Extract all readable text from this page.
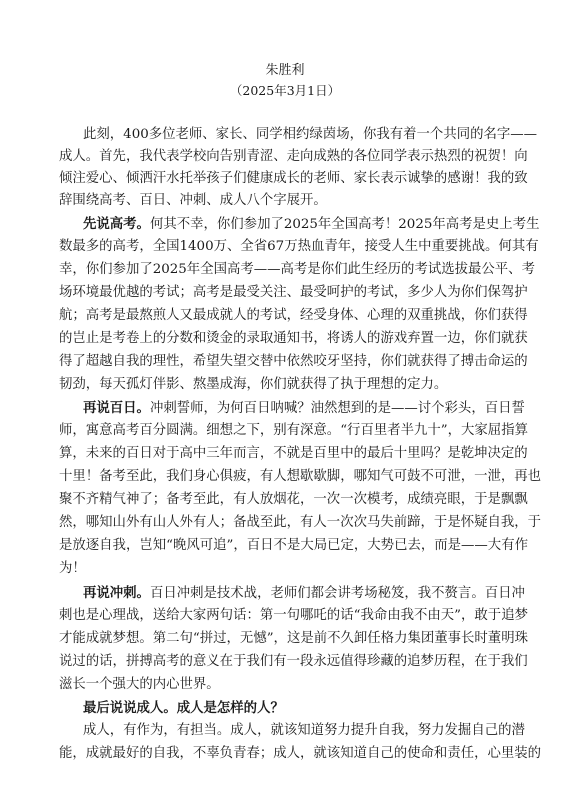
朱胜利
（2025年3月1日）
此刻，400多位老师、家长、同学相约绿茵场，你我有着一个共同的名字——
成人。首先，我代表学校向告别青涩、走向成熟的各位同学表示热烈的祝贺！向
倾注爱心、倾洒汗水托举孩子们健康成长的老师、家长表示诚挚的感谢！我的致
辞围绕高考、百日、冲刺、成人八个字展开。
先说高考。何其不幸，你们参加了2025年全国高考！2025年高考是史上考生
数最多的高考，全国1400万、全省67万热血青年，接受人生中重要挑战。何其有
幸，你们参加了2025年全国高考——高考是你们此生经历的考试选拔最公平、考
场环境最优越的考试；高考是最受关注、最受呵护的考试，多少人为你们保驾护
航；高考是最熬煎人又最成就人的考试，经受身体、心理的双重挑战，你们获得
的岂止是考卷上的分数和烫金的录取通知书，将诱人的游戏弃置一边，你们就获
得了超越自我的理性，希望失望交替中依然咬牙坚持，你们就获得了搏击命运的
韧劲，每天孤灯伴影、熬墨成海，你们就获得了执于理想的定力。
再说百日。冲刺誓师，为何百日呐喊？油然想到的是——讨个彩头，百日誓
师，寓意高考百分圆满。细想之下，别有深意。“行百里者半九十”，大家屈指算
算，未来的百日对于高中三年而言，不就是百里中的最后十里吗？是乾坤决定的
十里！备考至此，我们身心俱疲，有人想歇歇脚，哪知气可鼓不可泄，一泄，再也
聚不齐精气神了；备考至此，有人放烟花，一次一次模考，成绩亮眼，于是飘飘
然，哪知山外有山人外有人；备战至此，有人一次次马失前蹄，于是怀疑自我，于
是放逐自我，岂知“晚风可追”，百日不是大局已定，大势已去，而是——大有作
为！
再说冲刺。百日冲刺是技术战，老师们都会讲考场秘笈，我不赘言。百日冲
刺也是心理战，送给大家两句话：第一句哪吒的话“我命由我不由天”，敢于追梦
才能成就梦想。第二句“拼过，无憾”，这是前不久卸任格力集团董事长时董明珠
说过的话，拼搏高考的意义在于我们有一段永远值得珍藏的追梦历程，在于我们
滋长一个强大的内心世界。
最后说说成人。成人是怎样的人？
成人，有作为，有担当。成人，就该知道努力提升自我，努力发掘自己的潜
能，成就最好的自我，不辜负青春；成人，就该知道自己的使命和责任，心里装的
